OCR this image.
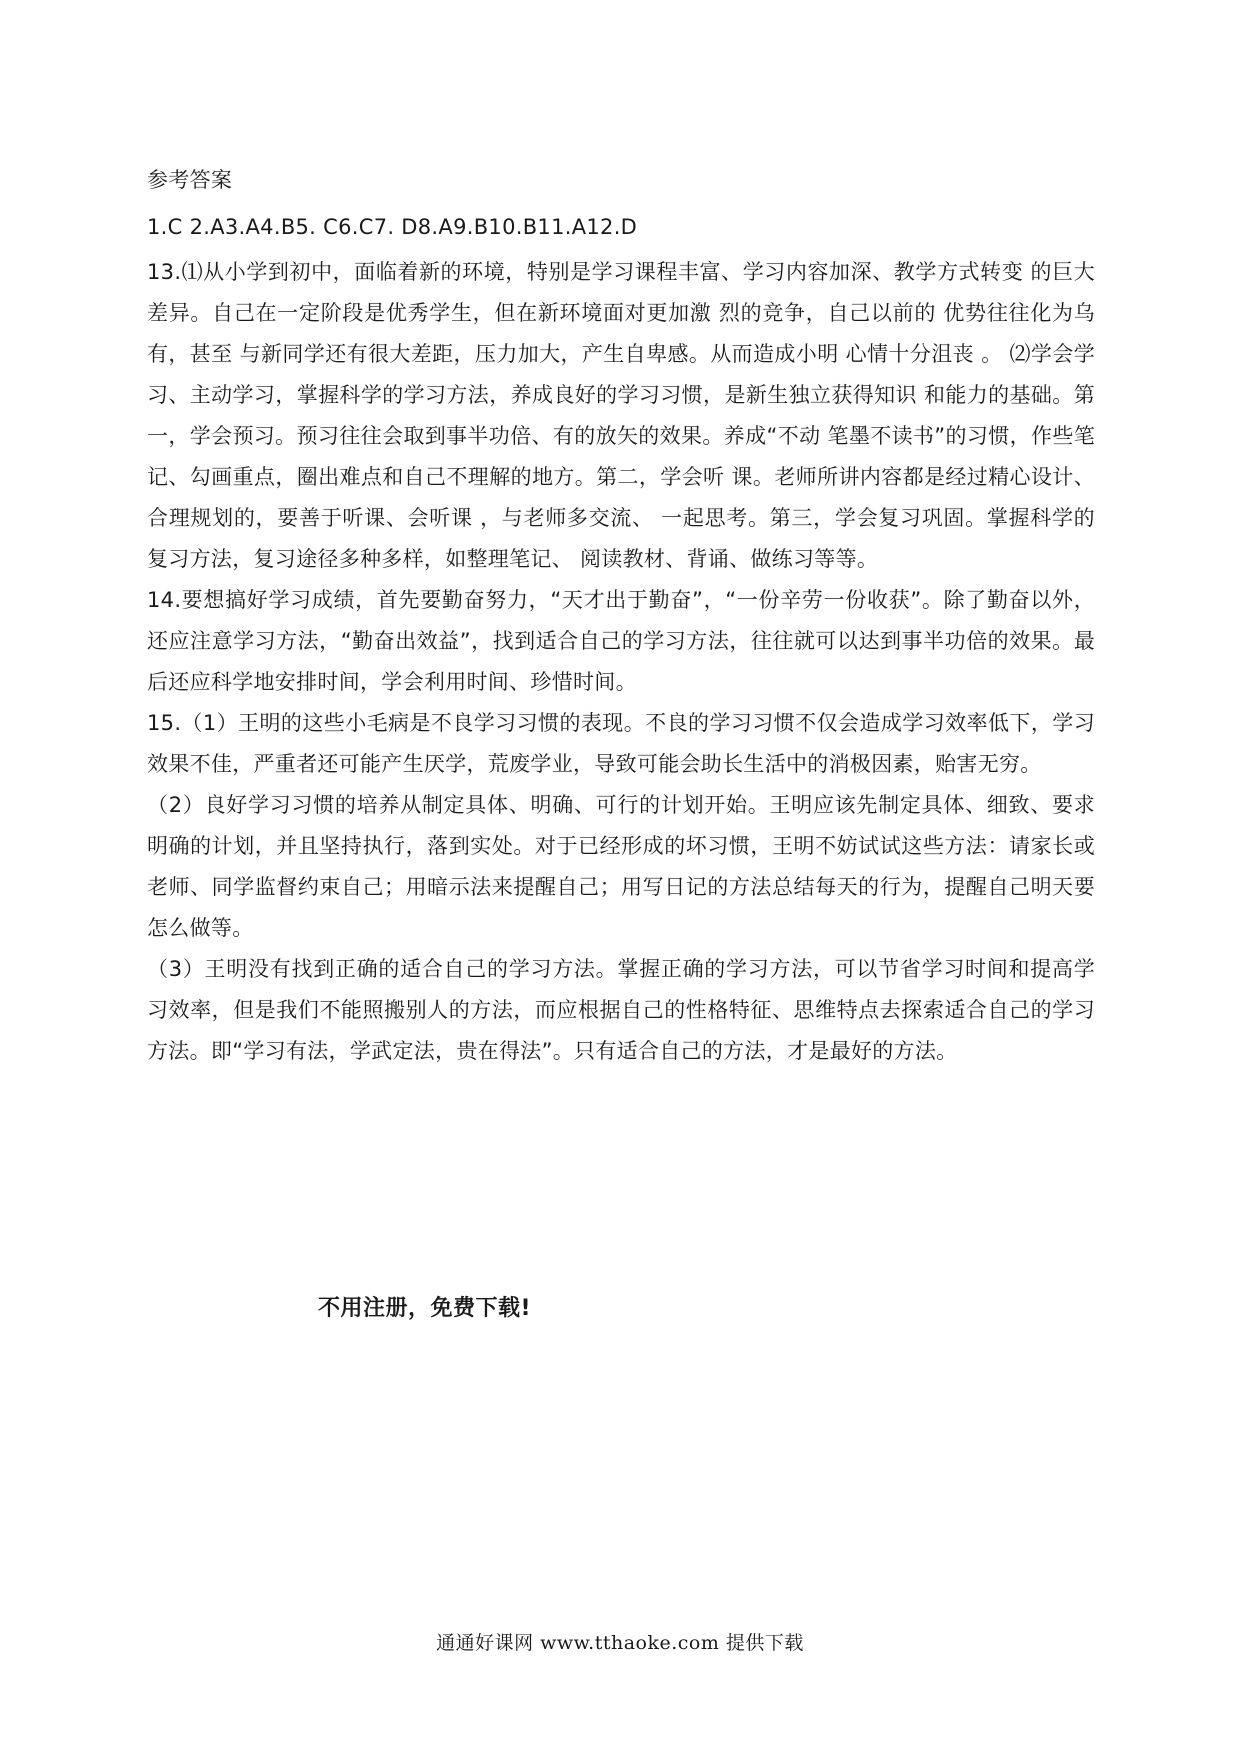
参考答案

1.C 2.A3.A4.B5. C6.C7. D8.A9.B10.B11.A12.D

13.⑴从小学到初中，面临着新的环境，特别是学习课程丰富、学习内容加深、教学方式转变 的巨大差异。自己在一定阶段是优秀学生，但在新环境面对更加激 烈的竞争，自己以前的 优势往往化为乌有，甚至 与新同学还有很大差距，压力加大，产生自卑感。从而造成小明 心情十分沮丧 。 ⑵学会学习、主动学习，掌握科学的学习方法，养成良好的学习习惯，是新生独立获得知识 和能力的基础。第一，学会预习。预习往往会取到事半功倍、有的放矢的效果。养成“不动 笔墨不读书”的习惯，作些笔记、勾画重点，圈出难点和自己不理解的地方。第二，学会听 课。老师所讲内容都是经过精心设计、合理规划的，要善于听课、会听课 ，与老师多交流、 一起思考。第三，学会复习巩固。掌握科学的复习方法，复习途径多种多样，如整理笔记、 阅读教材、背诵、做练习等等。

14.要想搞好学习成绩，首先要勤奋努力，“天才出于勤奋”，“一份辛劳一份收获”。除了勤奋以外，还应注意学习方法，“勤奋出效益”，找到适合自己的学习方法，往往就可以达到事半功倍的效果。最后还应科学地安排时间，学会利用时间、珍惜时间。

15.（1）王明的这些小毛病是不良学习习惯的表现。不良的学习习惯不仅会造成学习效率低下，学习效果不佳，严重者还可能产生厌学，荒废学业，导致可能会助长生活中的消极因素，贻害无穷。

（2）良好学习习惯的培养从制定具体、明确、可行的计划开始。王明应该先制定具体、细致、要求明确的计划，并且坚持执行，落到实处。对于已经形成的坏习惯，王明不妨试试这些方法：请家长或老师、同学监督约束自己；用暗示法来提醒自己；用写日记的方法总结每天的行为，提醒自己明天要怎么做等。

（3）王明没有找到正确的适合自己的学习方法。掌握正确的学习方法，可以节省学习时间和提高学习效率，但是我们不能照搬别人的方法，而应根据自己的性格特征、思维特点去探索适合自己的学习方法。即“学习有法，学武定法，贵在得法”。只有适合自己的方法，才是最好的方法。

不用注册，免费下载!
通通好课网 www.tthaoke.com 提供下载
